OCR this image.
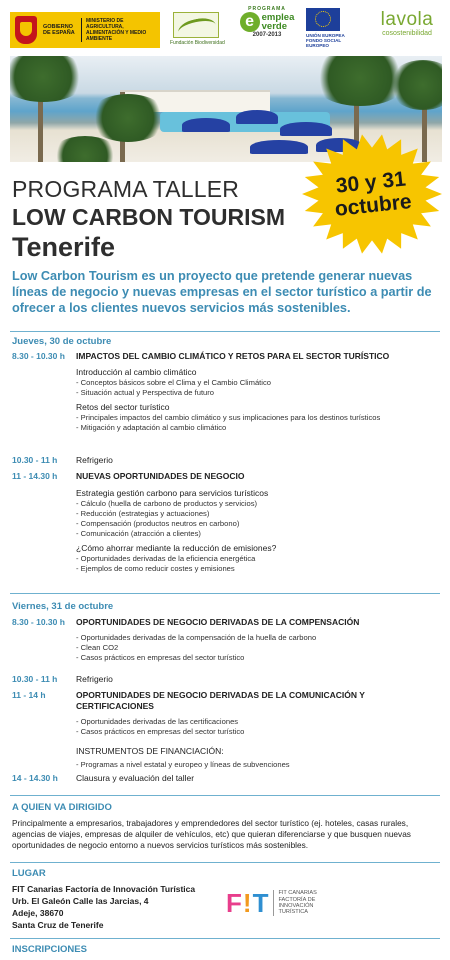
GOBIERNO DE ESPAÑA
MINISTERIO DE AGRICULTURA, ALIMENTACIÓN Y MEDIO AMBIENTE
Fundación Biodiversidad
PROGRAMA
e emplea
verde
2007-2013	UNIÓN EUROPEA FONDO SOCIAL EUROPEO
lavola
cosostenibilidad
30 y 31
octubre
PROGRAMA TALLER
LOW CARBON TOURISM
Tenerife
Low Carbon Tourism es un proyecto que pretende generar nuevas líneas de negocio y nuevas empresas en el sector turístico a partir de ofrecer a los clientes nuevos servicios más sostenibles.
Jueves, 30 de octubre
8.30 - 10.30 h IMPACTOS DEL CAMBIO CLIMÁTICO Y RETOS PARA EL SECTOR TURÍSTICO
Introducción al cambio climático
- Conceptos básicos sobre el Clima y el Cambio Climático
- Situación actual y Perspectiva de futuro
Retos del sector turístico
- Principales impactos del cambio climático y sus implicaciones para los destinos turísticos
- Mitigación y adaptación al cambio climático
10.30 - 11 h Refrigerio
11 - 14.30 h NUEVAS OPORTUNIDADES DE NEGOCIO
Estrategia gestión carbono para servicios turísticos
- Cálculo (huella de carbono de productos y servicios)
- Reducción (estrategias y actuaciones)
- Compensación (productos neutros en carbono)
- Comunicación (atracción a clientes)
¿Cómo ahorrar mediante la reducción de emisiones?
- Oportunidades derivadas de la eficiencia energética
- Ejemplos de como reducir costes y emisiones
Viernes, 31 de octubre
8.30 - 10.30 h OPORTUNIDADES DE NEGOCIO DERIVADAS DE LA COMPENSACIÓN
- Oportunidades derivadas de la compensación de la huella de carbono
- Clean CO2
- Casos prácticos en empresas del sector turístico
10.30 - 11 h Refrigerio
11 - 14 h	OPORTUNIDADES DE NEGOCIO DERIVADAS DE LA COMUNICACIÓN Y CERTIFICACIONES
- Oportunidades derivadas de las certificaciones
- Casos prácticos en empresas del sector turístico
INSTRUMENTOS DE FINANCIACIÓN:
- Programas a nivel estatal y europeo y líneas de subvenciones
14 - 14.30 h Clausura y evaluación del taller
A QUIEN VA DIRIGIDO
Principalmente a empresarios, trabajadores y emprendedores del sector turístico (ej. hoteles, casas rurales, agencias de viajes, empresas de alquiler de vehículos, etc) que quieran diferenciarse y que busquen nuevas oportunidades de negocio entorno a nuevos servicios turísticos más sostenibles.
LUGAR
FIT Canarias Factoría de Innovación Turística
Urb. El Galeón Calle las Jarcias, 4
Adeje, 38670
Santa Cruz de Tenerife
F!T FIT CANARIAS
FACTORÍA DE
INNOVACIÓN
TURÍSTICA
INSCRIPCIONES
